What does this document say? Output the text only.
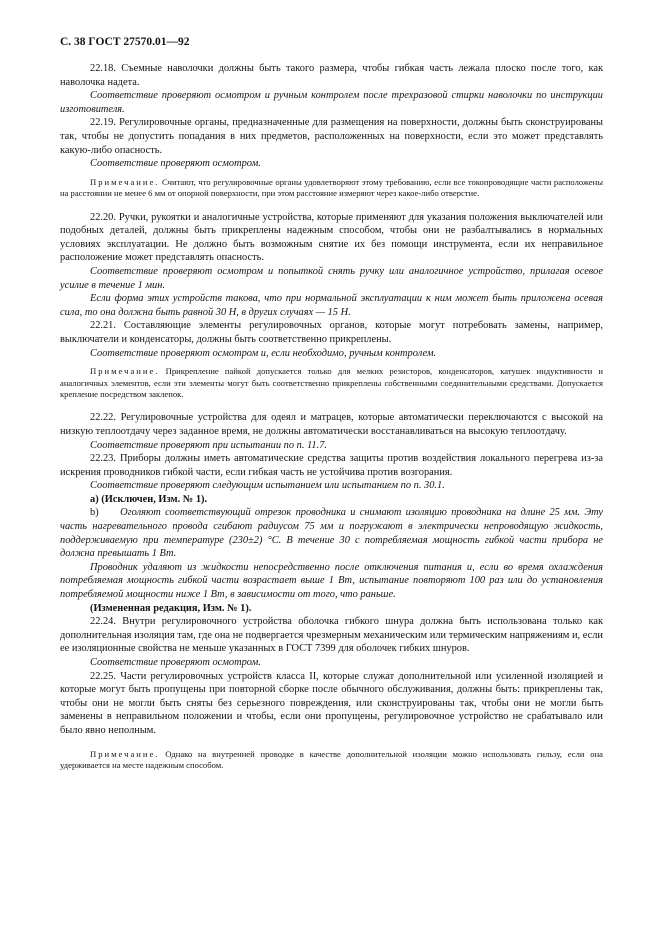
С. 38 ГОСТ 27570.01—92

22.18. Съемные наволочки должны быть такого размера, чтобы гибкая часть лежала плоско после того, как наволочка надета.

Соответствие проверяют осмотром и ручным контролем после трехразовой стирки наволочки по инструкции изготовителя.

22.19. Регулировочные органы, предназначенные для размещения на поверхности, должны быть сконструированы так, чтобы не допустить попадания в них предметов, расположенных на поверхности, если это может представлять какую-либо опасность.

Соответствие проверяют осмотром.

Примечание. Считают, что регулировочные органы удовлетворяют этому требованию, если все токопроводящие части расположены на расстоянии не менее 6 мм от опорной поверхности, при этом расстояние измеряют через какое-либо отверстие.

22.20. Ручки, рукоятки и аналогичные устройства, которые применяют для указания положения выключателей или подобных деталей, должны быть прикреплены надежным способом, чтобы они не разбалтывались в нормальных условиях эксплуатации. Не должно быть возможным снятие их без помощи инструмента, если их неправильное расположение может представлять опасность.

Соответствие проверяют осмотром и попыткой снять ручку или аналогичное устройство, прилагая осевое усилие в течение 1 мин.

Если форма этих устройств такова, что при нормальной эксплуатации к ним может быть приложена осевая сила, то она должна быть равной 30 Н, в других случаях — 15 Н.

22.21. Составляющие элементы регулировочных органов, которые могут потребовать замены, например, выключатели и конденсаторы, должны быть соответственно прикреплены.

Соответствие проверяют осмотром и, если необходимо, ручным контролем.

Примечание. Прикрепление пайкой допускается только для мелких резисторов, конденсаторов, катушек индуктивности и аналогичных элементов, если эти элементы могут быть соответственно прикреплены собственными соединительными средствами. Допускается крепление посредством заклепок.

22.22. Регулировочные устройства для одеял и матрацев, которые автоматически переключаются с высокой на низкую теплоотдачу через заданное время, не должны автоматически восстанавливаться на высокую теплоотдачу.

Соответствие проверяют при испытании по п. 11.7.

22.23. Приборы должны иметь автоматические средства защиты против воздействия локального перегрева из-за искрения проводников гибкой части, если гибкая часть не устойчива против возгорания.

Соответствие проверяют следующим испытанием или испытанием по п. 30.1.

а) (Исключен, Изм. № 1).

b) Оголяют соответствующий отрезок проводника и снимают изоляцию проводника на длине 25 мм. Эту часть нагревательного провода сгибают радиусом 75 мм и погружают в электрически непроводящую жидкость, поддерживаемую при температуре (230±2) °С. В течение 30 с потребляемая мощность гибкой части прибора не должна превышать 1 Вт.

Проводник удаляют из жидкости непосредственно после отключения питания и, если во время охлаждения потребляемая мощность гибкой части возрастает выше 1 Вт, испытание повторяют 100 раз или до установления потребляемой мощности ниже 1 Вт, в зависимости от того, что раньше.

(Измененная редакция, Изм. № 1).

22.24. Внутри регулировочного устройства оболочка гибкого шнура должна быть использована только как дополнительная изоляция там, где она не подвергается чрезмерным механическим или термическим напряжениям и, если ее изоляционные свойства не меньше указанных в ГОСТ 7399 для оболочек гибких шнуров.

Соответствие проверяют осмотром.

22.25. Части регулировочных устройств класса II, которые служат дополнительной или усиленной изоляцией и которые могут быть пропущены при повторной сборке после обычного обслуживания, должны быть: прикреплены так, чтобы они не могли быть сняты без серьезного повреждения, или сконструированы так, чтобы они не могли быть заменены в неправильном положении и чтобы, если они пропущены, регулировочное устройство не срабатывало или было явно неполным.

Примечание. Однако на внутренней проводке в качестве дополнительной изоляции можно использовать гильзу, если она удерживается на месте надежным способом.
